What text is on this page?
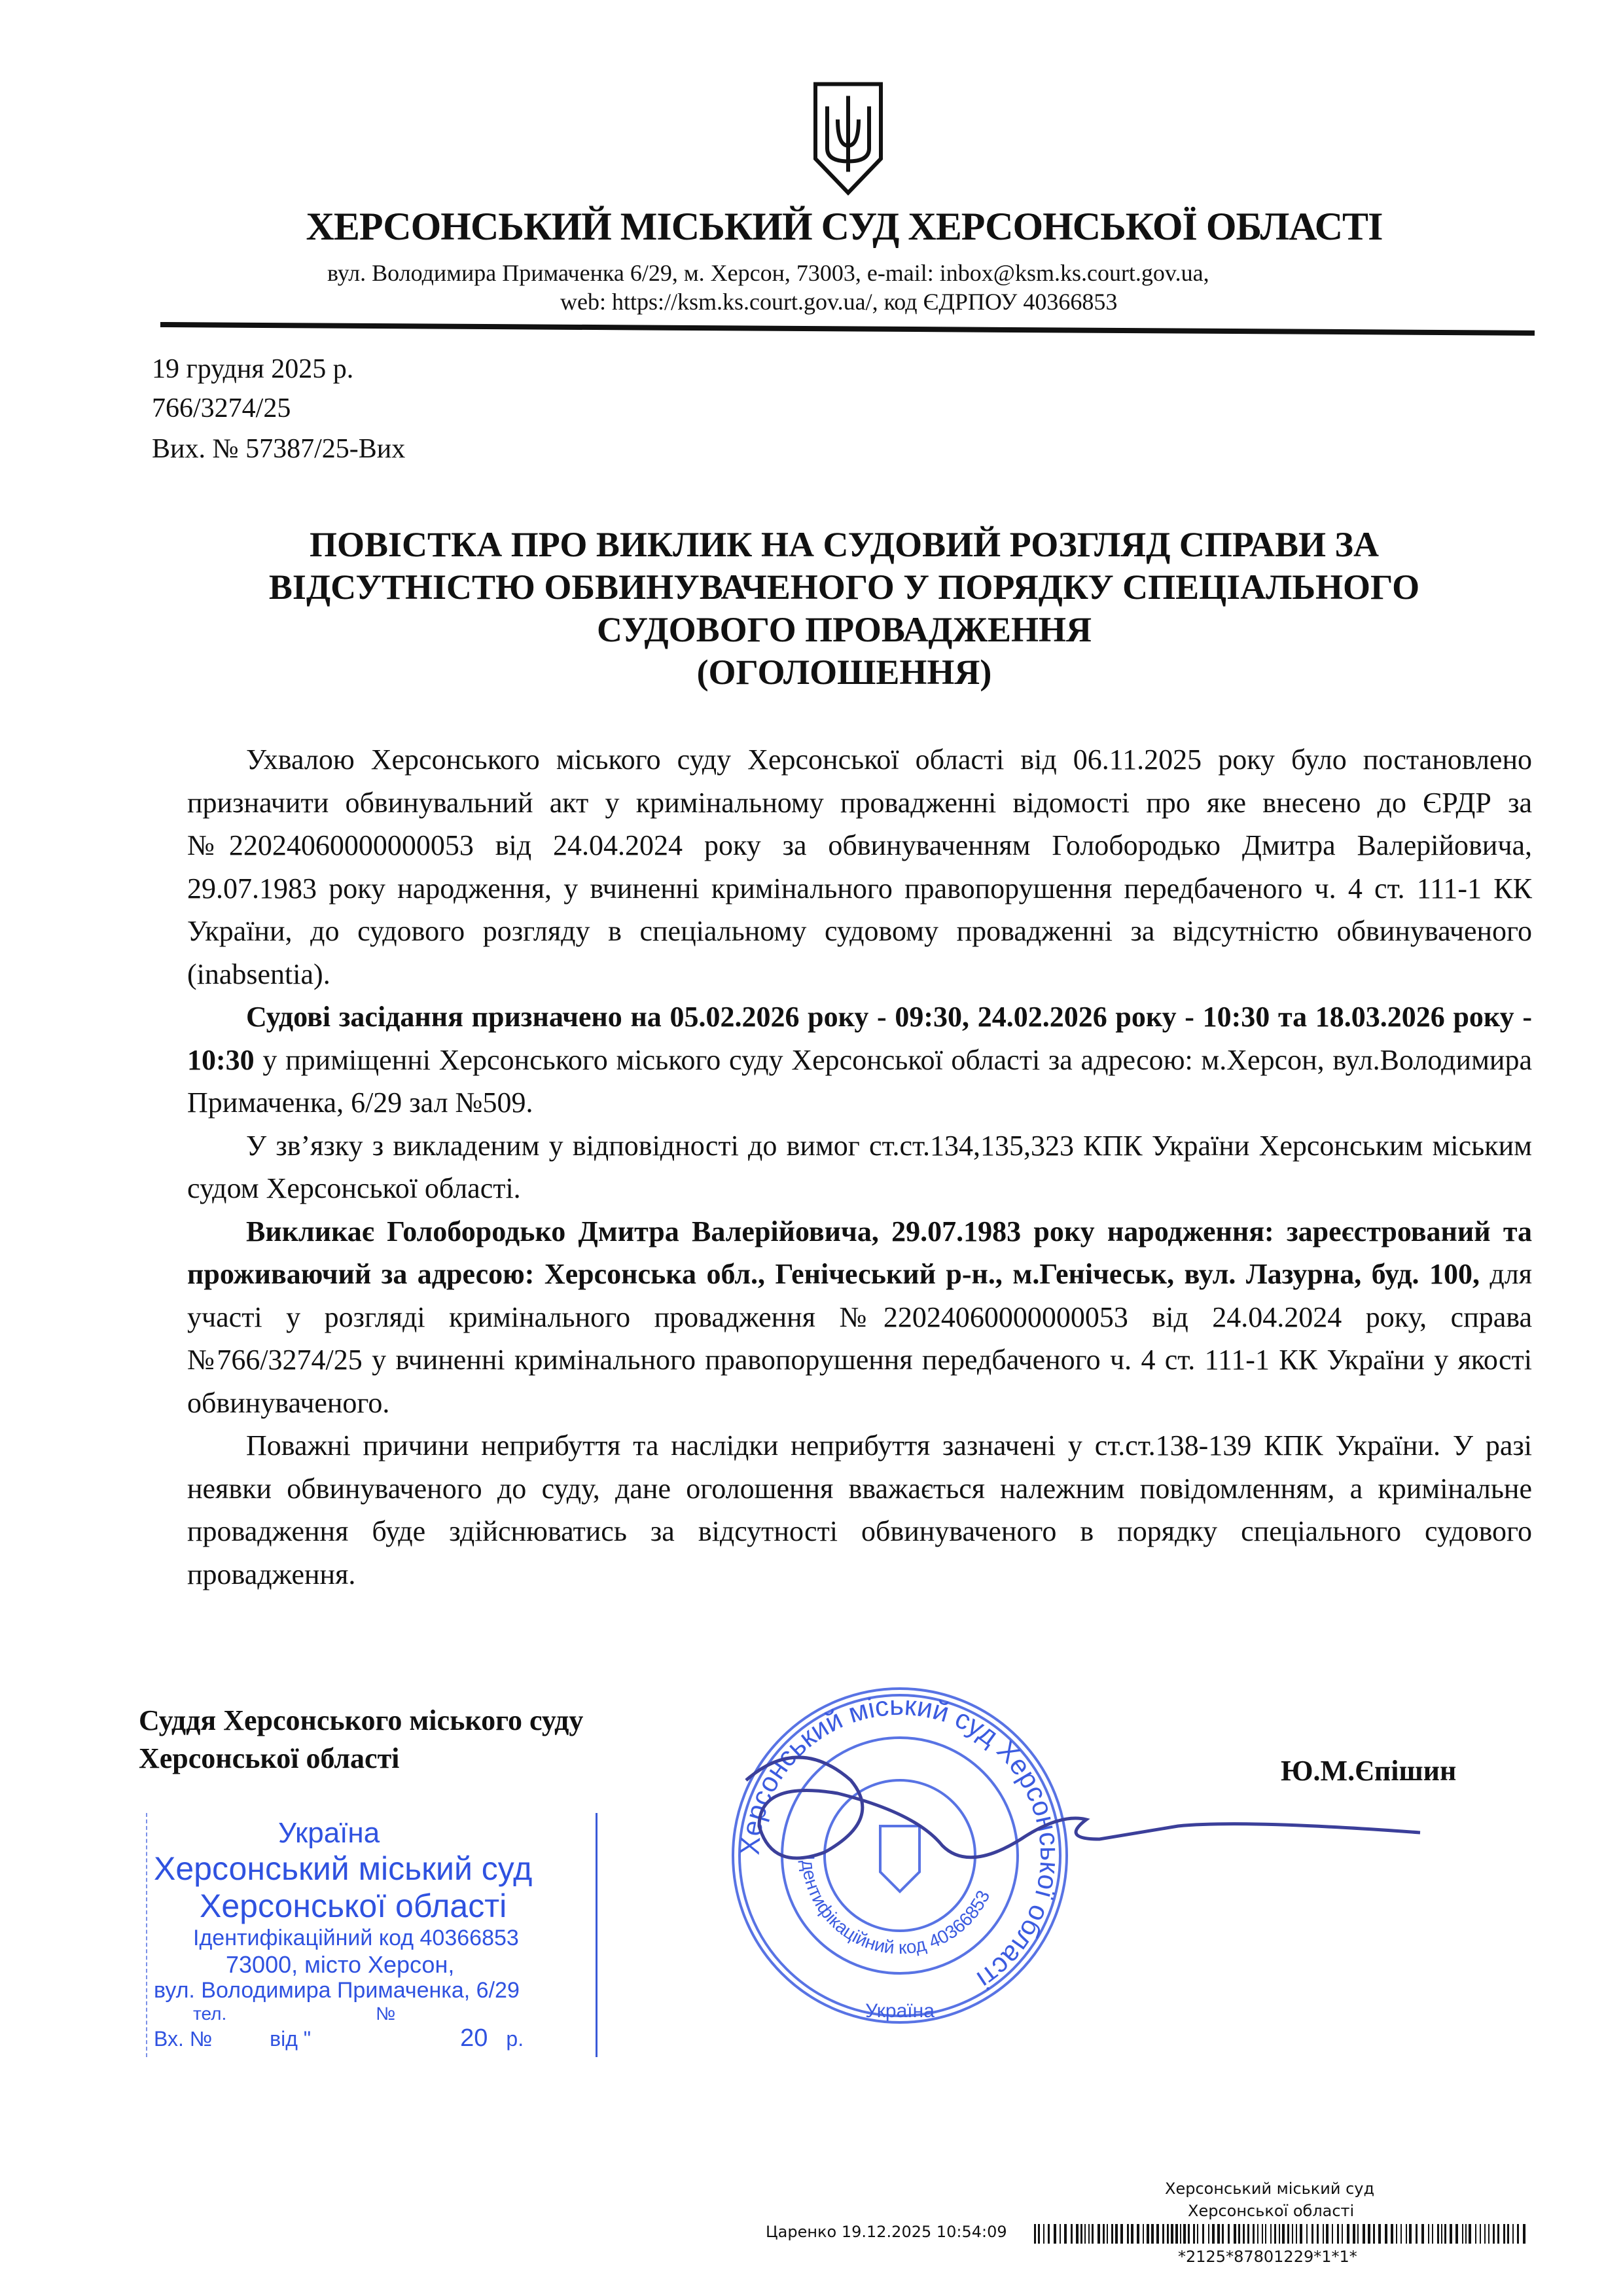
ХЕРСОНСЬКИЙ МІСЬКИЙ СУД ХЕРСОНСЬКОЇ ОБЛАСТІ
вул. Володимира Примаченка 6/29, м. Херсон, 73003, e-mail: inbox@ksm.ks.court.gov.ua,
web: https://ksm.ks.court.gov.ua/, код ЄДРПОУ 40366853
19 грудня 2025 р.
766/3274/25
Вих. № 57387/25-Вих
ПОВІСТКА ПРО ВИКЛИК НА СУДОВИЙ РОЗГЛЯД СПРАВИ ЗА
ВІДСУТНІСТЮ ОБВИНУВАЧЕНОГО У ПОРЯДКУ СПЕЦІАЛЬНОГО
СУДОВОГО ПРОВАДЖЕННЯ
(ОГОЛОШЕННЯ)

Ухвалою Херсонського міського суду Херсонської області від 06.11.2025 року було постановлено призначити обвинувальний акт у кримінальному провадженні відомості про яке внесено до ЄРДР за №22024060000000053 від 24.04.2024 року за обвинуваченням Голобородько Дмитра Валерійовича, 29.07.1983 року народження, у вчиненні кримінального правопорушення передбаченого ч. 4 ст. 111-1 КК України, до судового розгляду в спеціальному судовому провадженні за відсутністю обвинуваченого (inabsentia).

Судові засідання призначено на 05.02.2026 року - 09:30, 24.02.2026 року - 10:30 та 18.03.2026 року - 10:30 у приміщенні Херсонського міського суду Херсонської області за адресою: м.Херсон, вул.Володимира Примаченка, 6/29 зал №509.

У зв’язку з викладеним у відповідності до вимог ст.ст.134,135,323 КПК України Херсонським міським судом Херсонської області.

Викликає Голобородько Дмитра Валерійовича, 29.07.1983 року народження: зареєстрований та проживаючий за адресою: Херсонська обл., Генічеський р-н., м.Генічеськ, вул. Лазурна, буд. 100, для участі у розгляді кримінального провадження №22024060000000053 від 24.04.2024 року, справа №766/3274/25 у вчиненні кримінального правопорушення передбаченого ч. 4 ст. 111-1 КК України у якості обвинуваченого.

Поважні причини неприбуття та наслідки неприбуття зазначені у ст.ст.138-139 КПК України. У разі неявки обвинуваченого до суду, дане оголошення вважається належним повідомленням, а кримінальне провадження буде здійснюватись за відсутності обвинуваченого в порядку спеціального судового провадження.

Суддя Херсонського міського суду
Херсонської області	Ю.М.Єпішин
Україна
Херсонський міський суд
Херсонської області
Ідентифікаційний код 40366853
73000, місто Херсон,
вул. Володимира Примаченка, 6/29
тел.	№
Вх. №	від "	20 р.
Херсонський міський суд Херсонської області
Ідентифікаційний код 40366853
Україна
Херсонський міський суд
Херсонської області
Царенко 19.12.2025 10:54:09
*2125*87801229*1*1*
